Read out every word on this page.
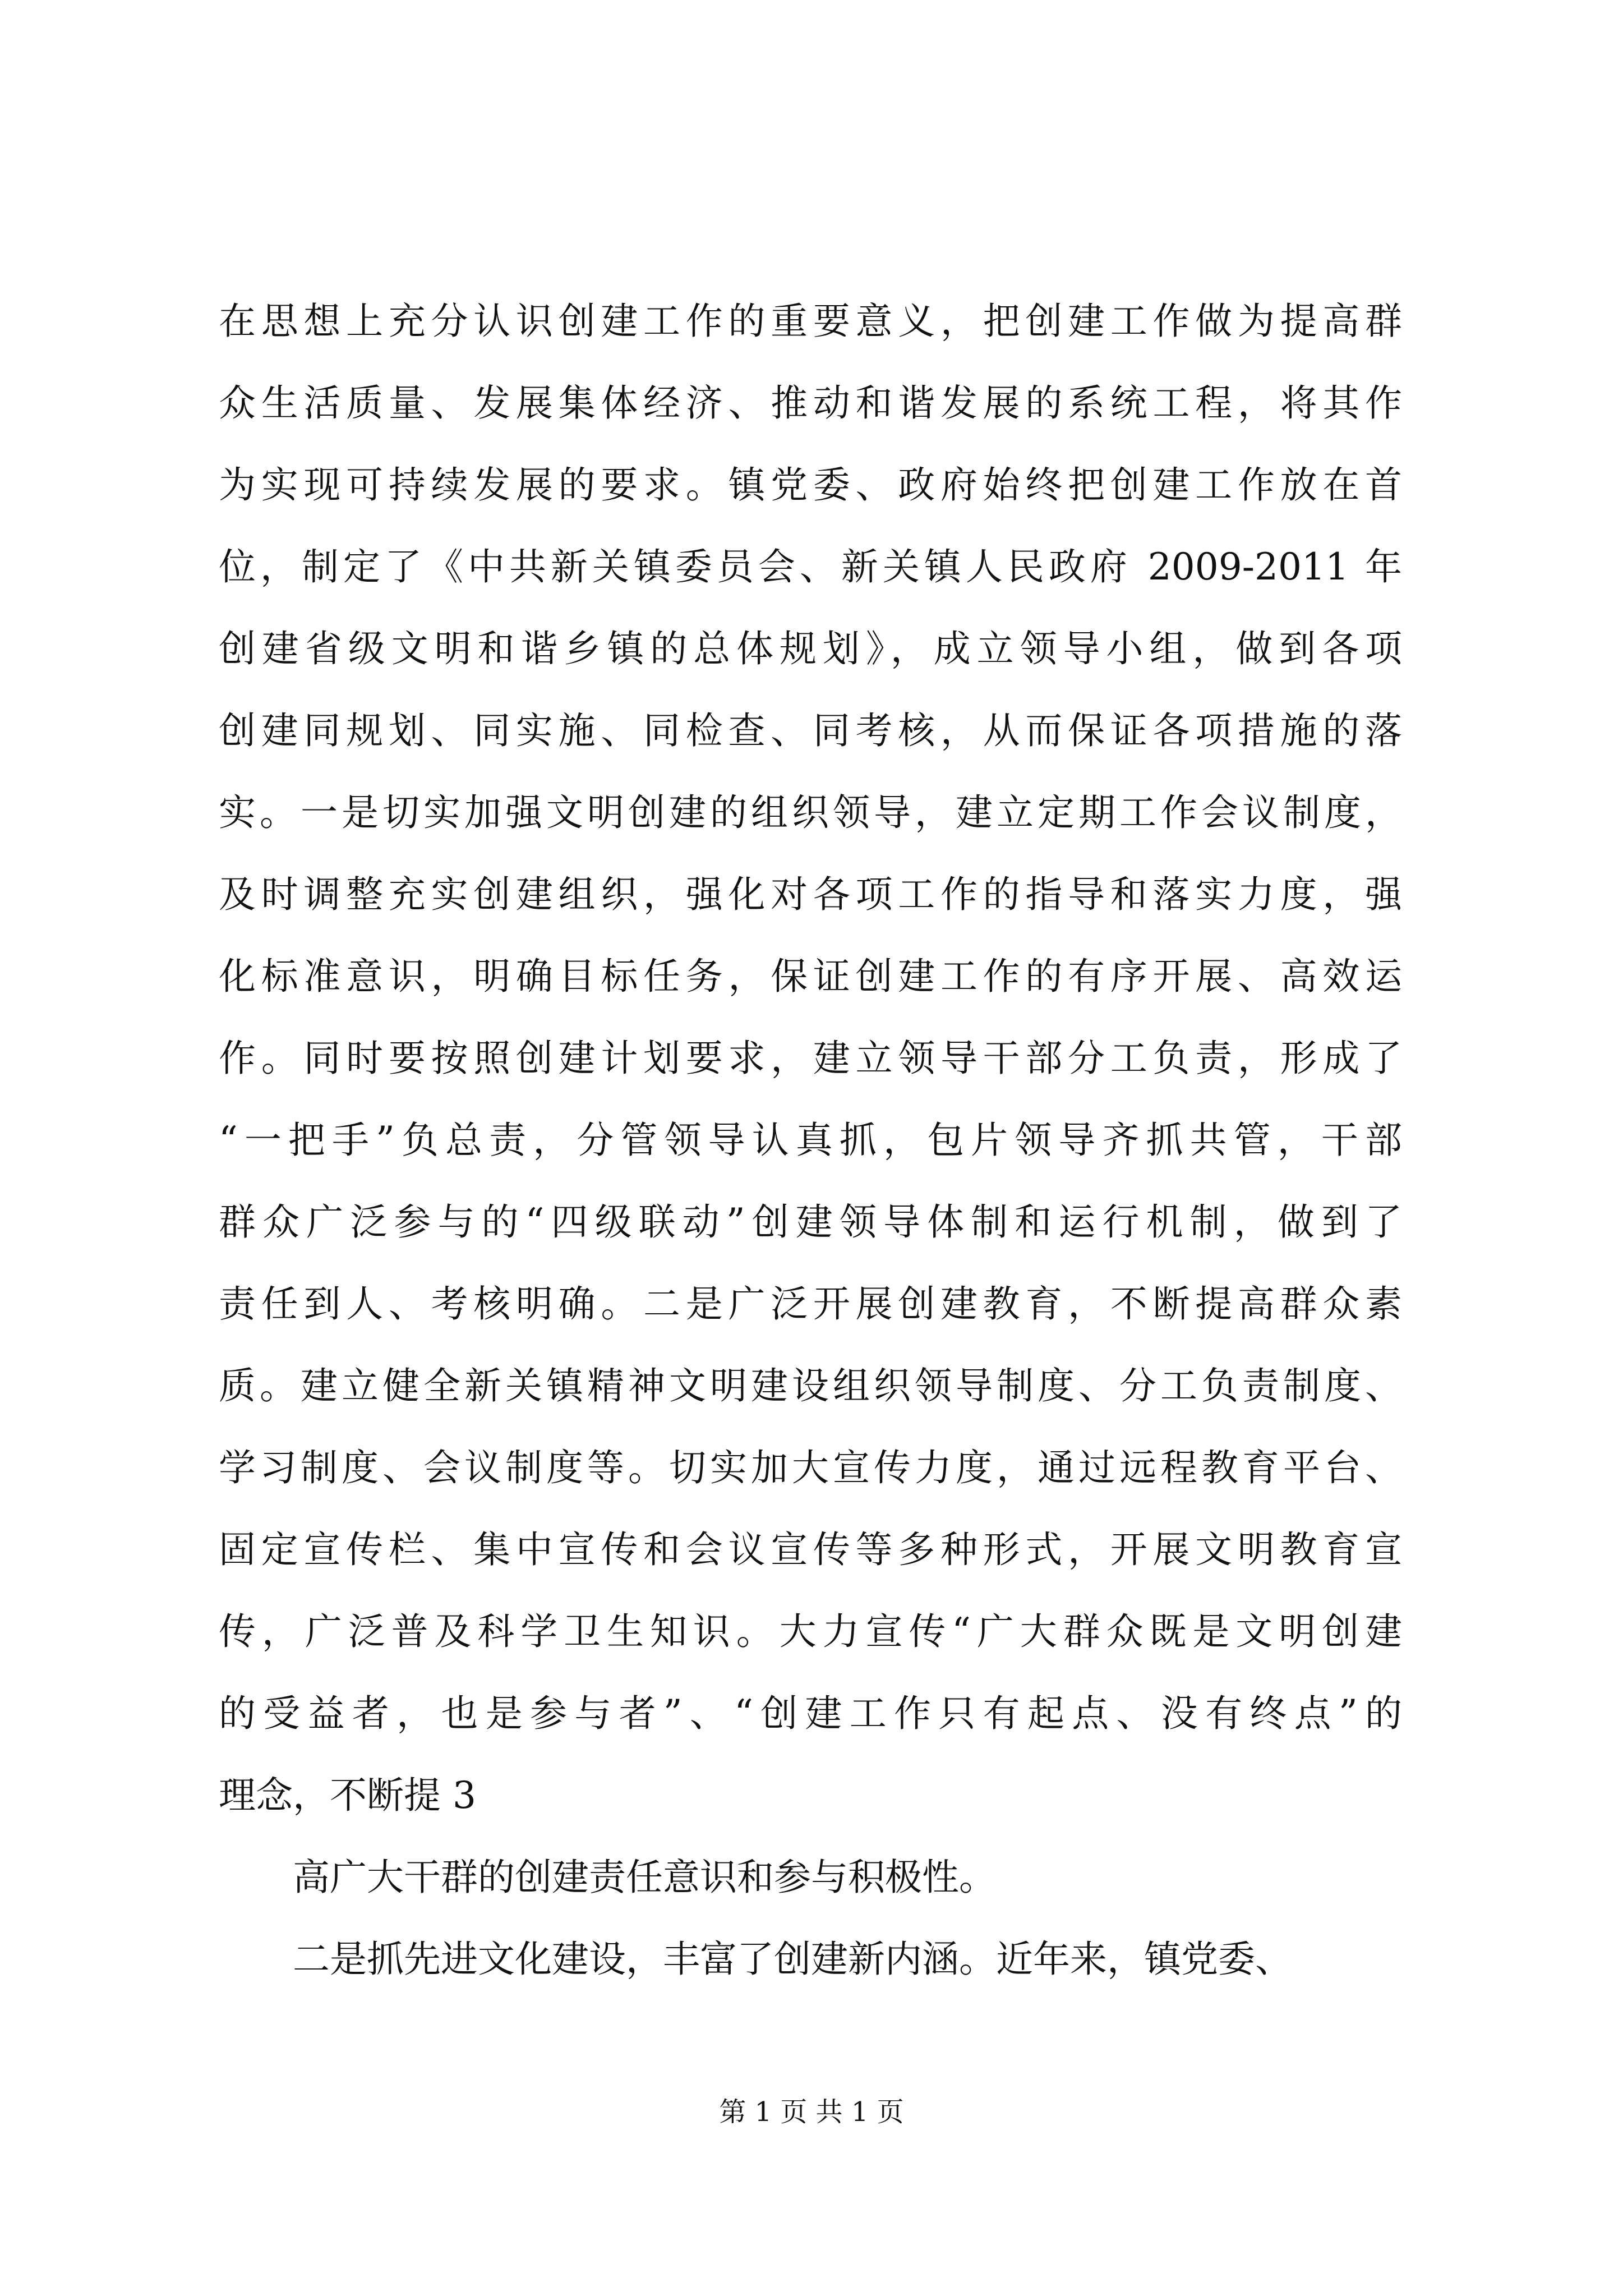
在思想上充分认识创建工作的重要意义，把创建工作做为提高群
众生活质量、发展集体经济、推动和谐发展的系统工程，将其作
为实现可持续发展的要求。镇党委、政府始终把创建工作放在首
位，制定了《中共新关镇委员会、新关镇人民政府 2009-2011 年
创建省级文明和谐乡镇的总体规划》，成立领导小组，做到各项
创建同规划、同实施、同检查、同考核，从而保证各项措施的落
实。一是切实加强文明创建的组织领导，建立定期工作会议制度，
及时调整充实创建组织，强化对各项工作的指导和落实力度，强
化标准意识，明确目标任务，保证创建工作的有序开展、高效运
作。同时要按照创建计划要求，建立领导干部分工负责，形成了
“一把手”负总责，分管领导认真抓，包片领导齐抓共管，干部
群众广泛参与的“四级联动”创建领导体制和运行机制，做到了
责任到人、考核明确。二是广泛开展创建教育，不断提高群众素
质。建立健全新关镇精神文明建设组织领导制度、分工负责制度、
学习制度、会议制度等。切实加大宣传力度，通过远程教育平台、
固定宣传栏、集中宣传和会议宣传等多种形式，开展文明教育宣
传，广泛普及科学卫生知识。大力宣传“广大群众既是文明创建
的受益者，也是参与者”、“创建工作只有起点、没有终点”的
理念，不断提 3
高广大干群的创建责任意识和参与积极性。
二是抓先进文化建设，丰富了创建新内涵。近年来，镇党委、
第 1 页 共 1 页
